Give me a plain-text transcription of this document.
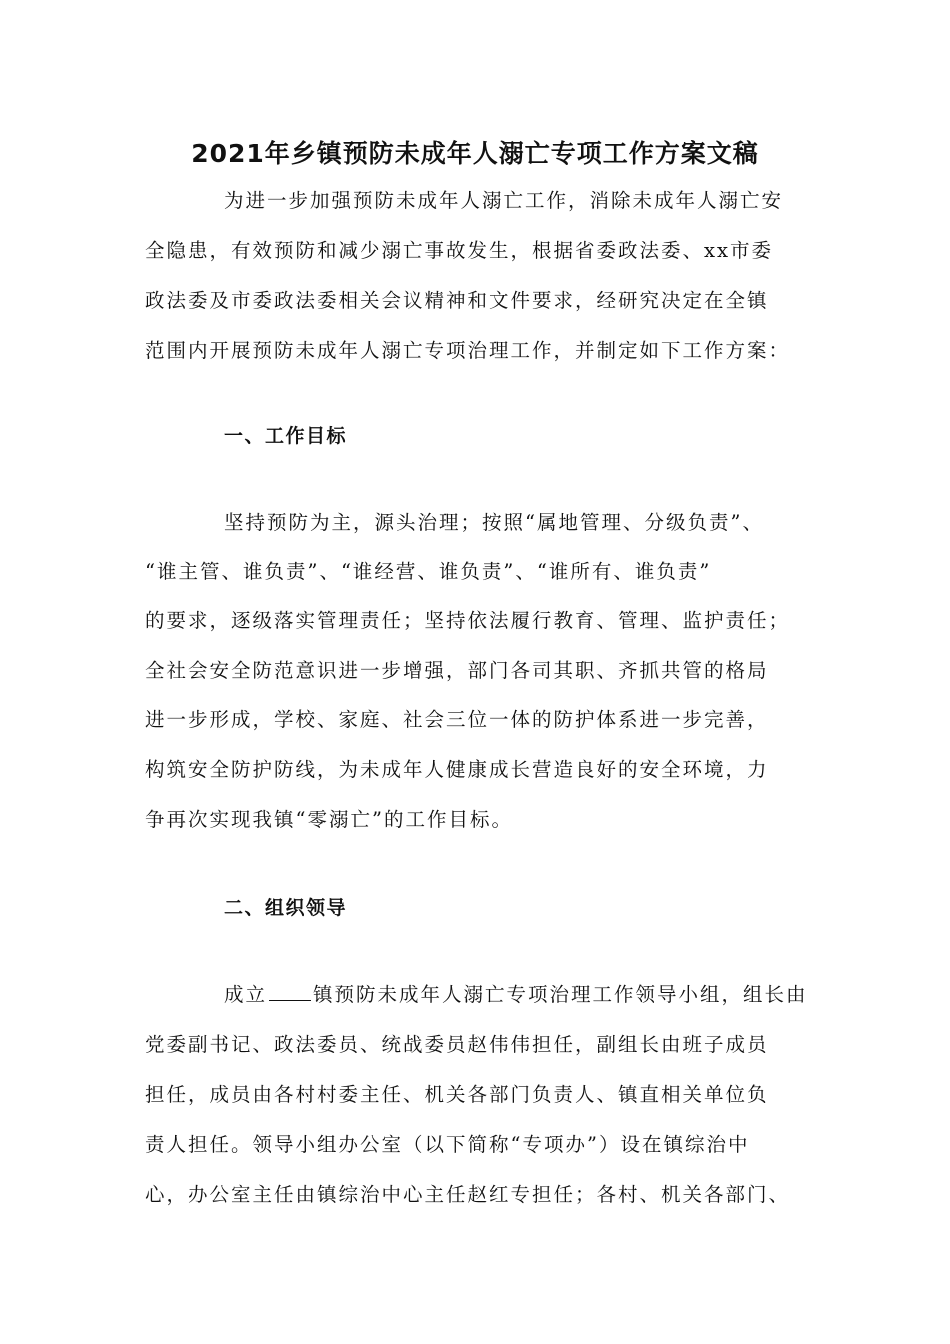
2021年乡镇预防未成年人溺亡专项工作方案文稿
为进一步加强预防未成年人溺亡工作，消除未成年人溺亡安
全隐患，有效预防和减少溺亡事故发生，根据省委政法委、xx市委
政法委及市委政法委相关会议精神和文件要求，经研究决定在全镇
范围内开展预防未成年人溺亡专项治理工作，并制定如下工作方案：
一、工作目标
坚持预防为主，源头治理；按照“属地管理、分级负责”、
“谁主管、谁负责”、“谁经营、谁负责”、“谁所有、谁负责”
的要求，逐级落实管理责任；坚持依法履行教育、管理、监护责任；
全社会安全防范意识进一步增强，部门各司其职、齐抓共管的格局
进一步形成，学校、家庭、社会三位一体的防护体系进一步完善，
构筑安全防护防线，为未成年人健康成长营造良好的安全环境，力
争再次实现我镇“零溺亡”的工作目标。
二、组织领导
成立 镇预防未成年人溺亡专项治理工作领导小组，组长由
党委副书记、政法委员、统战委员赵伟伟担任，副组长由班子成员
担任，成员由各村村委主任、机关各部门负责人、镇直相关单位负
责人担任。领导小组办公室（以下简称“专项办”）设在镇综治中
心，办公室主任由镇综治中心主任赵红专担任；各村、机关各部门、
